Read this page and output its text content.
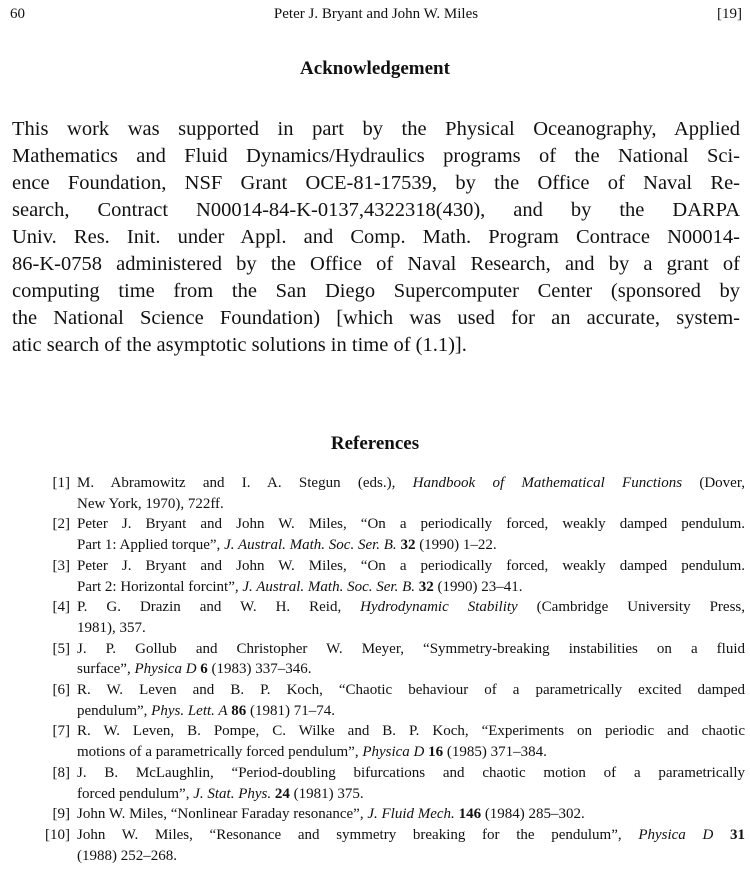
60	Peter J. Bryant and John W. Miles	[19]
Acknowledgement
This work was supported in part by the Physical Oceanography, Applied
Mathematics and Fluid Dynamics/Hydraulics programs of the National Sci-
ence Foundation, NSF Grant OCE-81-17539, by the Office of Naval Re-
search, Contract N00014-84-K-0137,4322318(430), and by the DARPA
Univ. Res. Init. under Appl. and Comp. Math. Program Contrace N00014-
86-K-0758 administered by the Office of Naval Research, and by a grant of
computing time from the San Diego Supercomputer Center (sponsored by
the National Science Foundation) [which was used for an accurate, system-
atic search of the asymptotic solutions in time of (1.1)].
References
[1] M. Abramowitz and I. A. Stegun (eds.), Handbook of Mathematical Functions (Dover,
New York, 1970), 722ff.
[2] Peter J. Bryant and John W. Miles, “On a periodically forced, weakly damped pendulum.
Part 1: Applied torque”, J. Austral. Math. Soc. Ser. B. 32 (1990) 1–22.
[3] Peter J. Bryant and John W. Miles, “On a periodically forced, weakly damped pendulum.
Part 2: Horizontal forcint”, J. Austral. Math. Soc. Ser. B. 32 (1990) 23–41.
[4] P. G. Drazin and W. H. Reid, Hydrodynamic Stability (Cambridge University Press,
1981), 357.
[5] J. P. Gollub and Christopher W. Meyer, “Symmetry-breaking instabilities on a fluid
surface”, Physica D 6 (1983) 337–346.
[6] R. W. Leven and B. P. Koch, “Chaotic behaviour of a parametrically excited damped
pendulum”, Phys. Lett. A 86 (1981) 71–74.
[7] R. W. Leven, B. Pompe, C. Wilke and B. P. Koch, “Experiments on periodic and chaotic
motions of a parametrically forced pendulum”, Physica D 16 (1985) 371–384.
[8] J. B. McLaughlin, “Period-doubling bifurcations and chaotic motion of a parametrically
forced pendulum”, J. Stat. Phys. 24 (1981) 375.
[9] John W. Miles, “Nonlinear Faraday resonance”, J. Fluid Mech. 146 (1984) 285–302.
[10] John W. Miles, “Resonance and symmetry breaking for the pendulum”, Physica D 31
(1988) 252–268.
